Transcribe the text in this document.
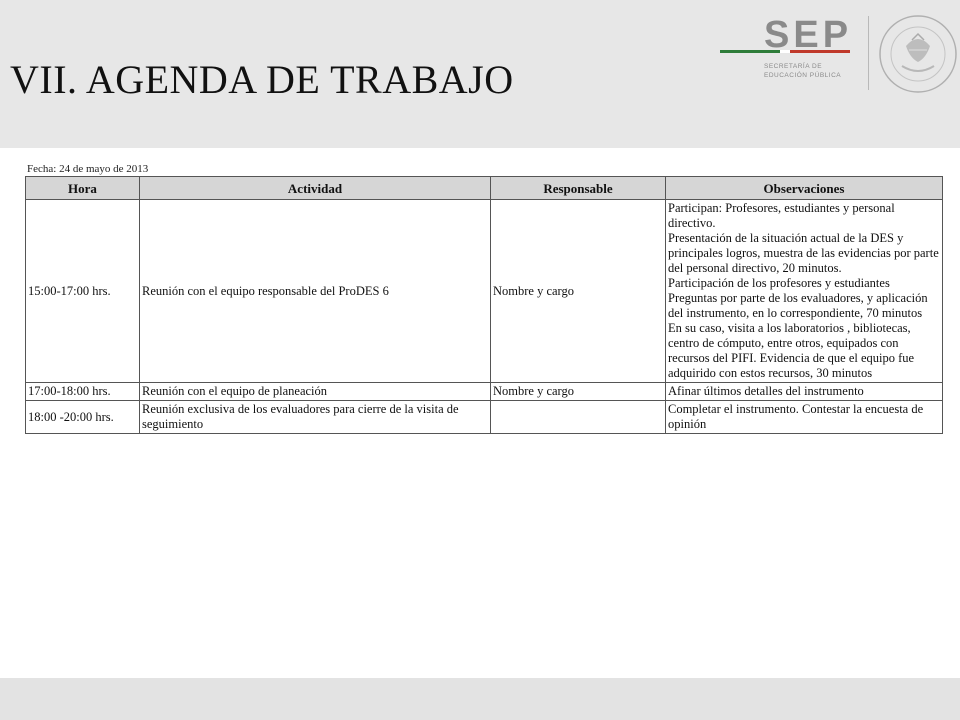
VII. AGENDA DE TRABAJO
SEP
SECRETARÍA DE
EDUCACIÓN PÚBLICA
Fecha: 24 de mayo de 2013
Hora	Actividad	Responsable	Observaciones
15:00-17:00 hrs.	Reunión con el equipo responsable del ProDES 6	Nombre y cargo	Participan: Profesores, estudiantes y personal directivo.
Presentación de la situación actual de la DES y principales logros, muestra de las evidencias por parte del personal directivo, 20 minutos.
Participación de los profesores y estudiantes
Preguntas por parte de los evaluadores, y aplicación del instrumento, en lo correspondiente, 70 minutos
En su caso, visita a los laboratorios , bibliotecas, centro de cómputo, entre otros, equipados con recursos del PIFI. Evidencia de que el equipo fue adquirido con estos recursos, 30 minutos

17:00-18:00 hrs.	Reunión con el equipo de planeación	Nombre y cargo	Afinar últimos detalles del instrumento

18:00 -20:00 hrs.	Reunión exclusiva de los evaluadores para cierre de la visita de seguimiento		Completar el instrumento. Contestar la encuesta de opinión
